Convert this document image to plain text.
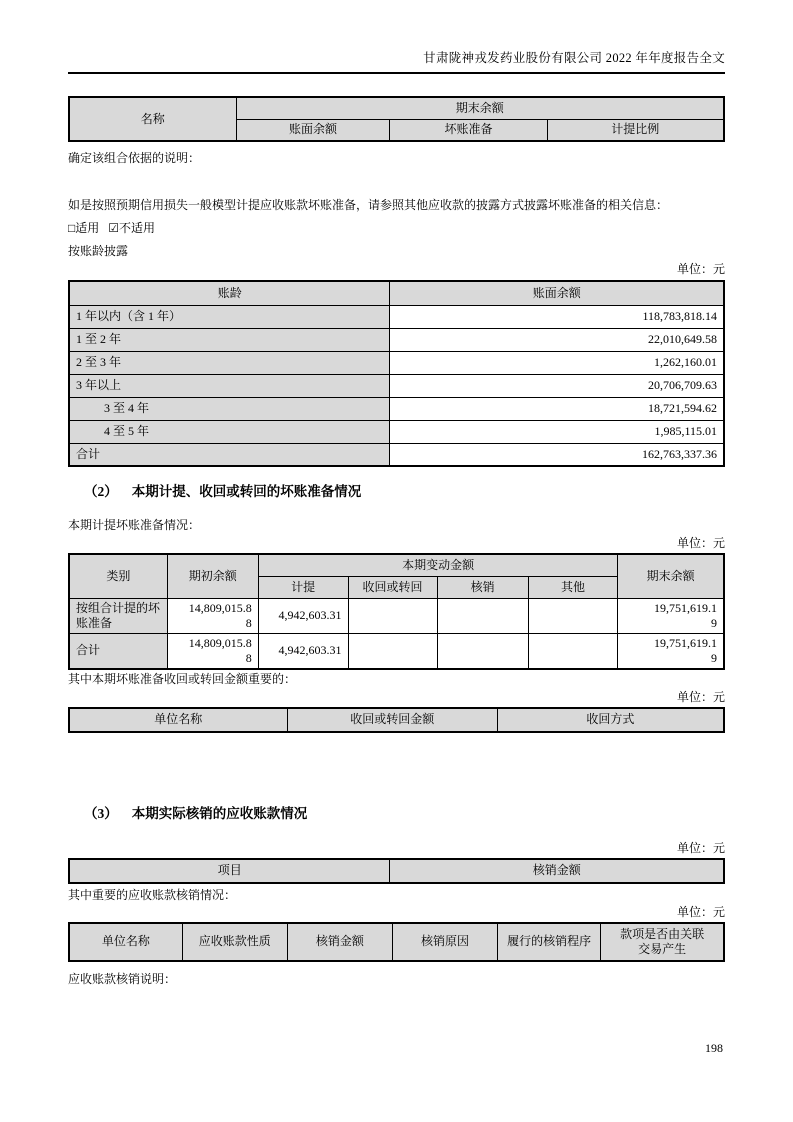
甘肃陇神戎发药业股份有限公司 2022 年年度报告全文
名称	期末余额		
	账面余额	坏账准备	计提比例

确定该组合依据的说明：

如是按照预期信用损失一般模型计提应收账款坏账准备，请参照其他应收款的披露方式披露坏账准备的相关信息：

□适用 ☑不适用

按账龄披露

单位：元
账龄	账面余额
1 年以内（含 1 年）	118,783,818.14
1 至 2 年	22,010,649.58
2 至 3 年	1,262,160.01
3 年以上	20,706,709.63
3 至 4 年	18,721,594.62
4 至 5 年	1,985,115.01
合计	162,763,337.36
（2） 本期计提、收回或转回的坏账准备情况

本期计提坏账准备情况：

单位：元
类别	期初余额	本期变动金额				期末余额
		计提	收回或转回	核销	其他	
按组合计提的坏账准备	14,809,015.88	4,942,603.31				19,751,619.19
合计	14,809,015.88	4,942,603.31				19,751,619.19

其中本期坏账准备收回或转回金额重要的：

单位：元
单位名称	收回或转回金额	收回方式
（3） 本期实际核销的应收账款情况
单位：元
项目	核销金额

其中重要的应收账款核销情况：

单位：元
单位名称	应收账款性质	核销金额	核销原因	履行的核销程序	款项是否由关联交易产生

应收账款核销说明：

198
